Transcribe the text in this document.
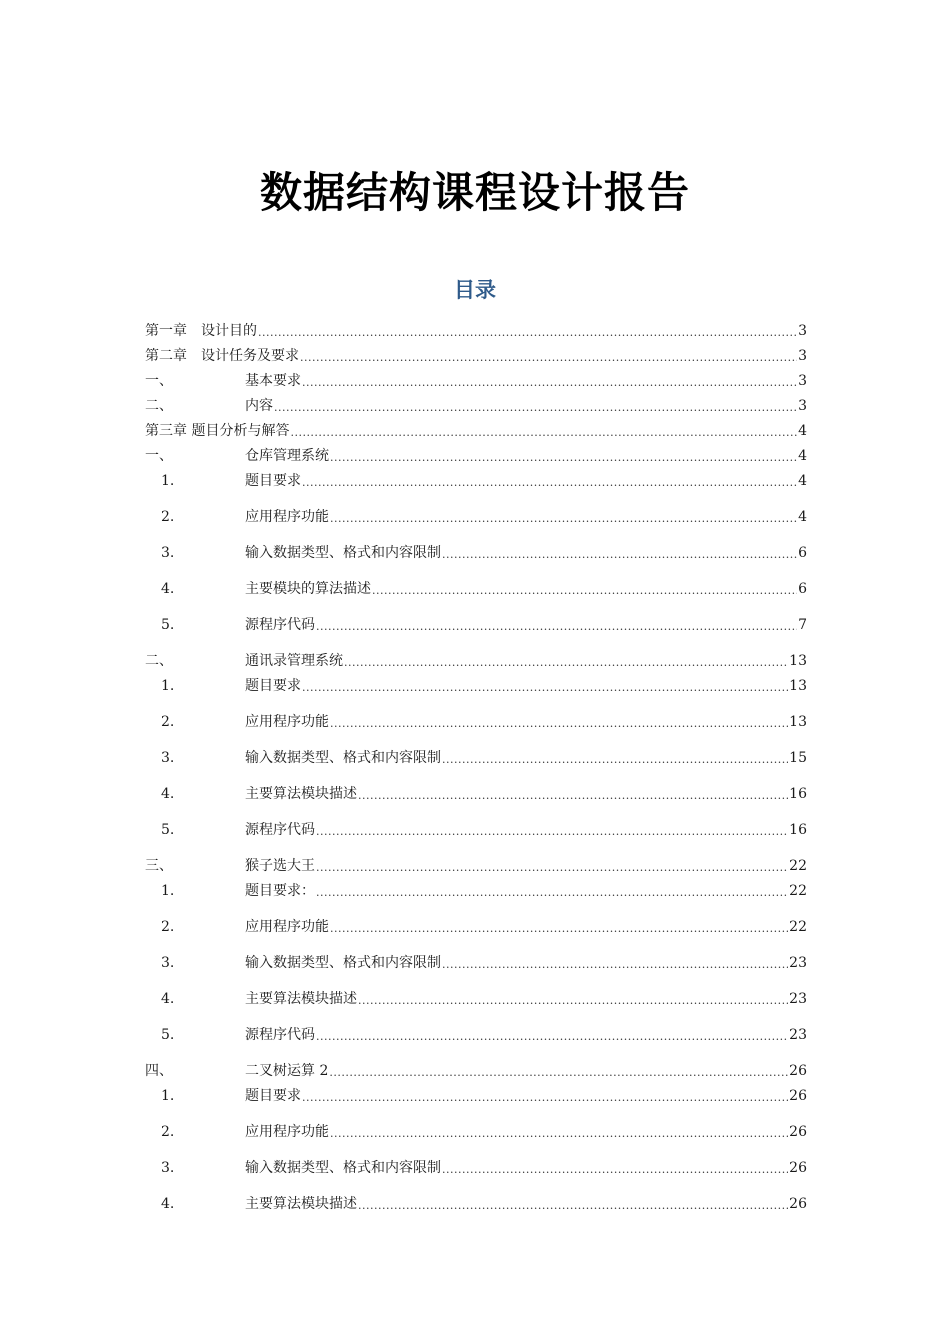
数据结构课程设计报告
目录
第一章　设计目的 .....	3
第二章　设计任务及要求 .....	3
一、	基本要求 .....	3
二、	内容 .....	3
第三章 题目分析与解答 .....	4
一、	仓库管理系统 .....	4
1.	题目要求 .....	4
2.	应用程序功能 .....	4
3.	输入数据类型、格式和内容限制 .....	6
4.	主要模块的算法描述 .....	6
5.	源程序代码 .....	7
二、	通讯录管理系统 .....	13
1.	题目要求 .....	13
2.	应用程序功能 .....	13
3.	输入数据类型、格式和内容限制 .....	15
4.	主要算法模块描述 .....	16
5.	源程序代码 .....	16
三、	猴子选大王 .....	22
1.	题目要求： .....	22
2.	应用程序功能 .....	22
3.	输入数据类型、格式和内容限制 .....	23
4.	主要算法模块描述 .....	23
5.	源程序代码 .....	23
四、	二叉树运算 2 .....	26
1.	题目要求 .....	26
2.	应用程序功能 .....	26
3.	输入数据类型、格式和内容限制 .....	26
4.	主要算法模块描述 .....	26
